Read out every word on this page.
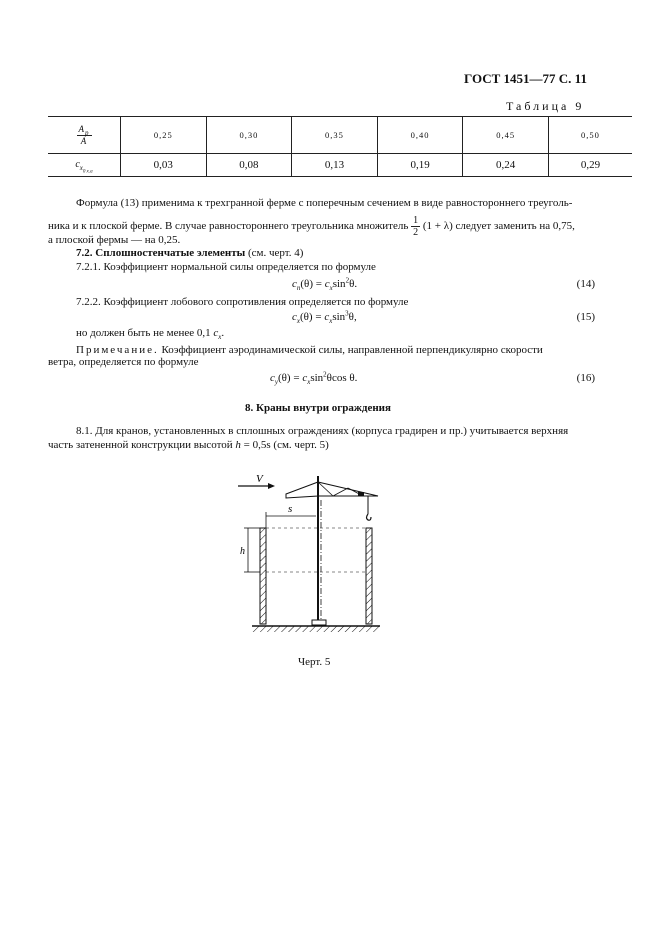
ГОСТ 1451—77 С. 11
Таблица 9
$\frac{A_p}{A}$	0,25	0,30	0,35	0,40	0,45	0,50
$c_{x_{0 х.а}}$	0,03	0,08	0,13	0,19	0,24	0,29
Формула (13) применима к трехгранной ферме с поперечным сечением в виде равностороннего треуголь-
ника и к плоской ферме. В случае равностороннего треугольника множитель $\frac{1}{2} (1 + \lambda)$ следует заменить на 0,75,
а плоской фермы — на 0,25.
7.2. Сплошностенчатые элементы (см. черт. 4)
7.2.1. Коэффициент нормальной силы определяется по формуле
$c_n(\theta) = c_x\sin^2\theta$.	(14)
7.2.2. Коэффициент лобового сопротивления определяется по формуле
$c_x(\theta) = c_x\sin^3\theta$,	(15)
но должен быть не менее 0,1 $c_x$.
Примечание. Коэффициент аэродинамической силы, направленной перпендикулярно скорости
ветра, определяется по формуле
$c_y(\theta) = c_x\sin^2\theta\cos$ θ.	(16)
8. Краны внутри ограждения
8.1. Для кранов, установленных в сплошных ограждениях (корпуса градирен и пр.) учитывается верхняя
часть затененной конструкции высотой h = 0,5s (см. черт. 5)
V
s
h
Черт. 5
